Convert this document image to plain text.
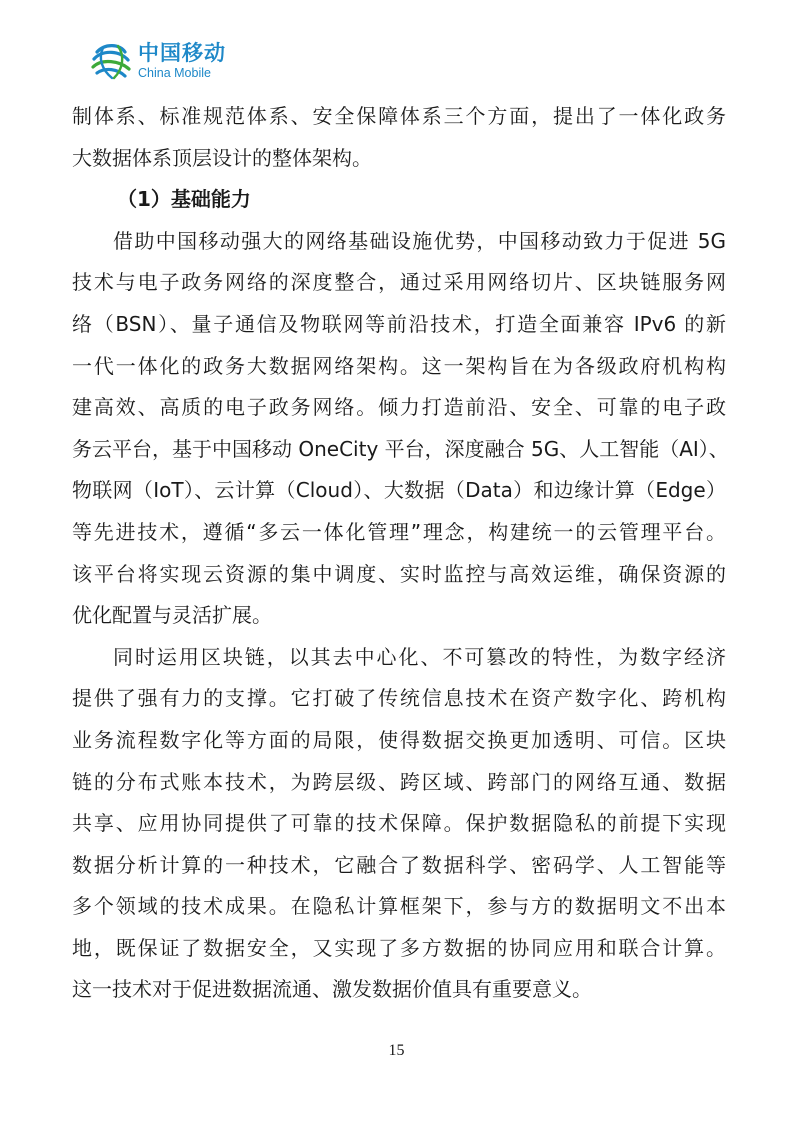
中国移动
China Mobile
制体系、标准规范体系、安全保障体系三个方面，提出了一体化政务
大数据体系顶层设计的整体架构。
（1）基础能力
借助中国移动强大的网络基础设施优势，中国移动致力于促进 5G
技术与电子政务网络的深度整合，通过采用网络切片、区块链服务网
络（BSN）、量子通信及物联网等前沿技术，打造全面兼容 IPv6 的新
一代一体化的政务大数据网络架构。这一架构旨在为各级政府机构构
建高效、高质的电子政务网络。倾力打造前沿、安全、可靠的电子政
务云平台，基于中国移动 OneCity 平台，深度融合 5G、人工智能（AI）、
物联网（IoT）、云计算（Cloud）、大数据（Data）和边缘计算（Edge）
等先进技术，遵循“多云一体化管理”理念，构建统一的云管理平台。
该平台将实现云资源的集中调度、实时监控与高效运维，确保资源的
优化配置与灵活扩展。
同时运用区块链，以其去中心化、不可篡改的特性，为数字经济
提供了强有力的支撑。它打破了传统信息技术在资产数字化、跨机构
业务流程数字化等方面的局限，使得数据交换更加透明、可信。区块
链的分布式账本技术，为跨层级、跨区域、跨部门的网络互通、数据
共享、应用协同提供了可靠的技术保障。保护数据隐私的前提下实现
数据分析计算的一种技术，它融合了数据科学、密码学、人工智能等
多个领域的技术成果。在隐私计算框架下，参与方的数据明文不出本
地，既保证了数据安全，又实现了多方数据的协同应用和联合计算。
这一技术对于促进数据流通、激发数据价值具有重要意义。
15
